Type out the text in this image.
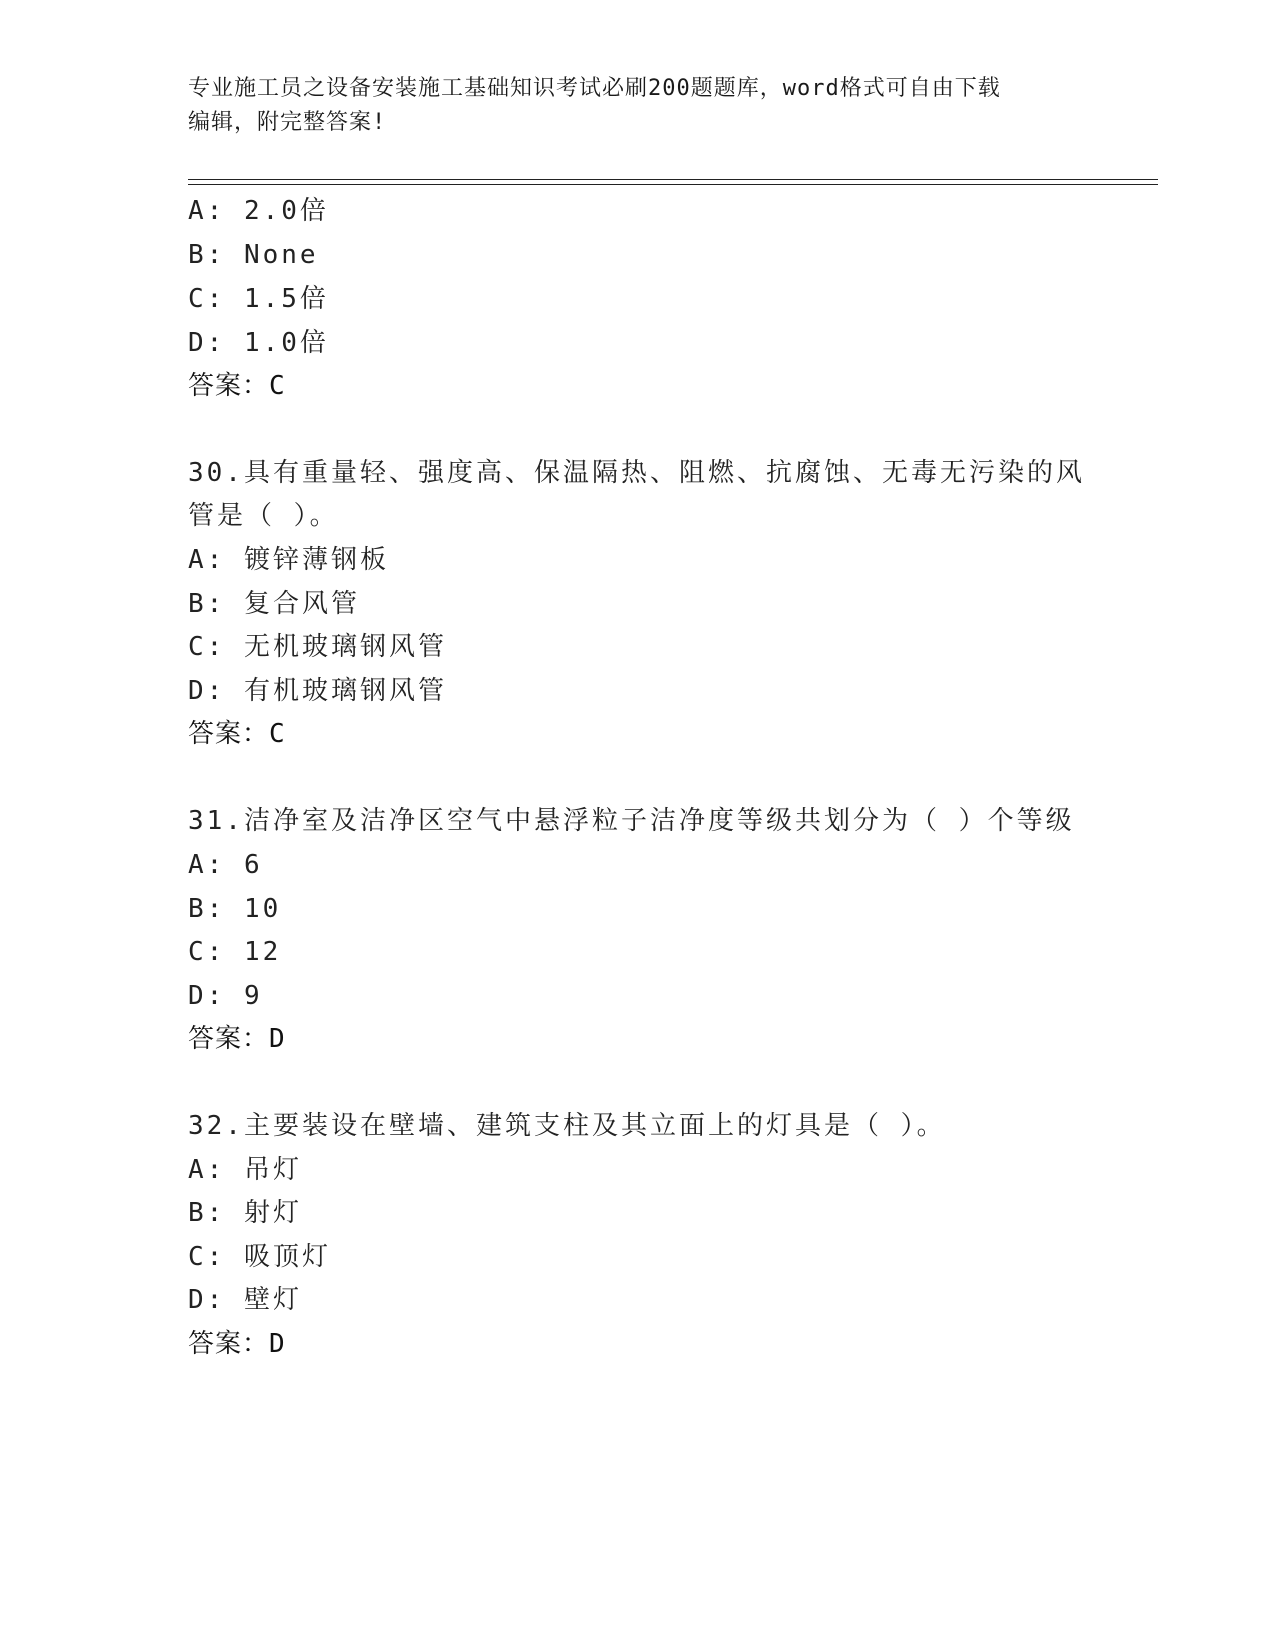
专业施工员之设备安装施工基础知识考试必刷200题题库，word格式可自由下载
编辑，附完整答案!
A: 2.0倍
B: None
C: 1.5倍
D: 1.0倍
答案：C
30.具有重量轻、强度高、保温隔热、阻燃、抗腐蚀、无毒无污染的风
管是（ ）。
A: 镀锌薄钢板
B: 复合风管
C: 无机玻璃钢风管
D: 有机玻璃钢风管
答案：C
31.洁净室及洁净区空气中悬浮粒子洁净度等级共划分为（ ）个等级
A: 6
B: 10
C: 12
D: 9
答案：D
32.主要装设在壁墙、建筑支柱及其立面上的灯具是（ ）。
A: 吊灯
B: 射灯
C: 吸顶灯
D: 壁灯
答案：D
